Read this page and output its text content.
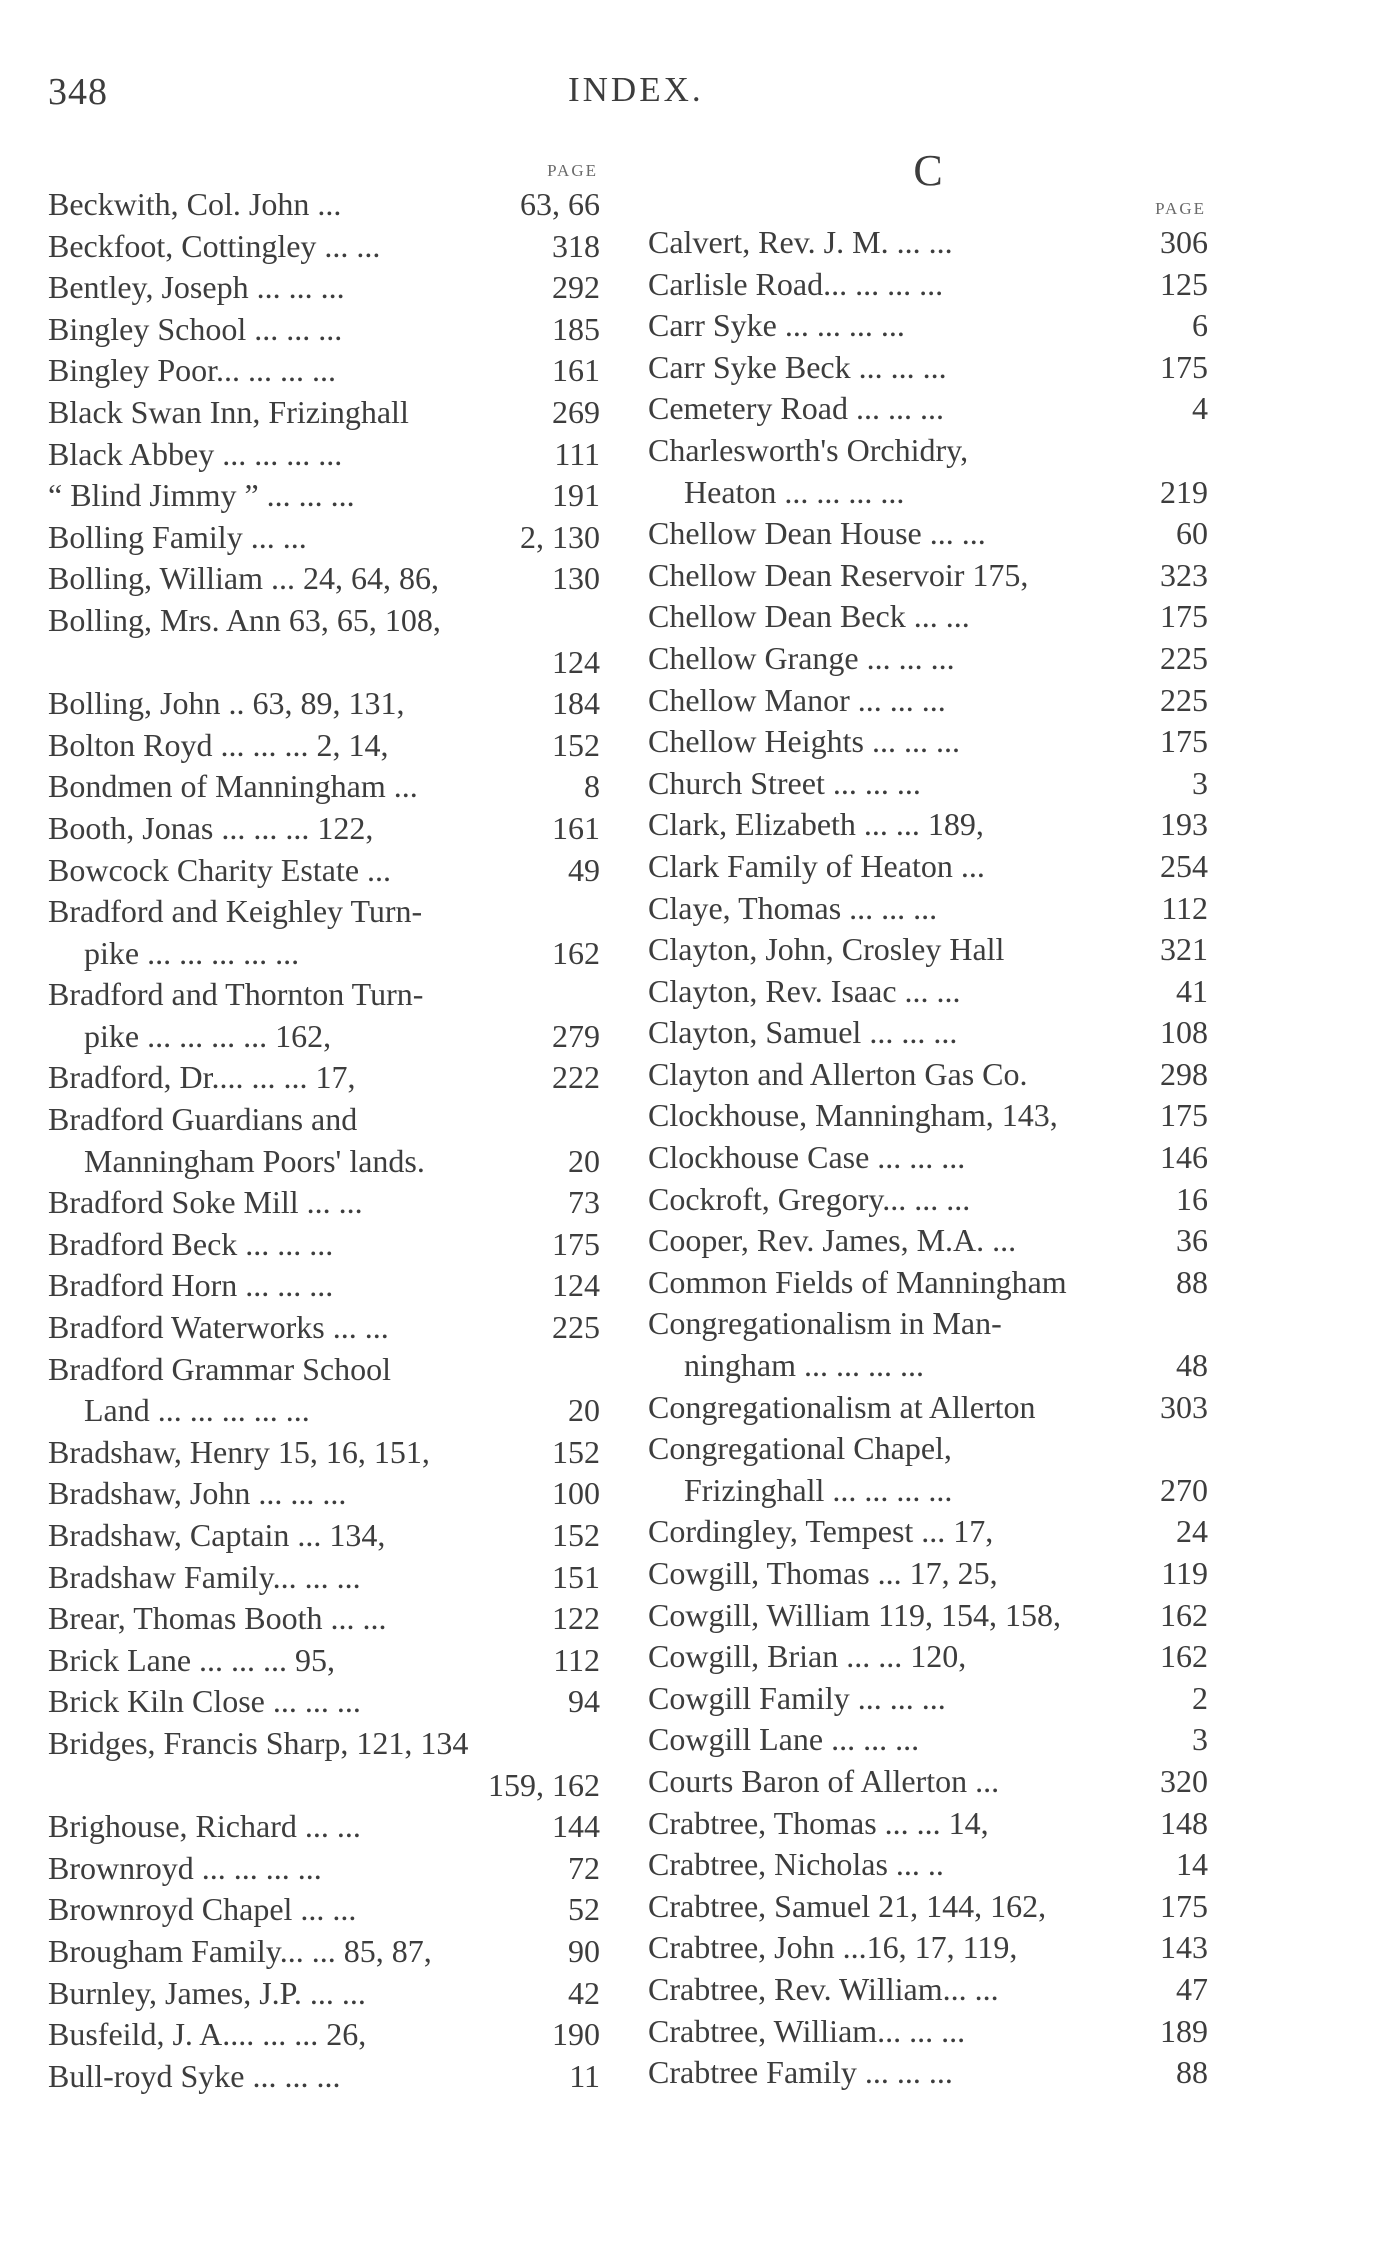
348	INDEX.
PAGE
Beckwith, Col. John ...	63, 66
Beckfoot, Cottingley ... ...	318
Bentley, Joseph ... ... ...	292
Bingley School ... ... ...	185
Bingley Poor... ... ... ...	161
Black Swan Inn, Frizinghall	269
Black Abbey ... ... ... ...	111
“ Blind Jimmy ” ... ... ...	191
Bolling Family ... ...	2, 130
Bolling, William ... 24, 64, 86,	130
Bolling, Mrs. Ann 63, 65, 108,
124
Bolling, John .. 63, 89, 131,	184
Bolton Royd ... ... ... 2, 14,	152
Bondmen of Manningham ...	8
Booth, Jonas ... ... ... 122,	161
Bowcock Charity Estate ...	49
Bradford and Keighley Turn-
pike ... ... ... ... ...	162
Bradford and Thornton Turn-
pike ... ... ... ... 162,	279
Bradford, Dr.... ... ... 17,	222
Bradford Guardians and
Manningham Poors' lands.	20
Bradford Soke Mill ... ...	73
Bradford Beck ... ... ...	175
Bradford Horn ... ... ...	124
Bradford Waterworks ... ...	225
Bradford Grammar School
Land ... ... ... ... ...	20
Bradshaw, Henry 15, 16, 151,	152
Bradshaw, John ... ... ...	100
Bradshaw, Captain ... 134,	152
Bradshaw Family... ... ...	151
Brear, Thomas Booth ... ...	122
Brick Lane ... ... ... 95,	112
Brick Kiln Close ... ... ...	94
Bridges, Francis Sharp, 121, 134
159, 162
Brighouse, Richard ... ...	144
Brownroyd ... ... ... ...	72
Brownroyd Chapel ... ...	52
Brougham Family... ... 85, 87,	90
Burnley, James, J.P. ... ...	42
Busfeild, J. A.... ... ... 26,	190
Bull-royd Syke ... ... ...	11
C
PAGE
Calvert, Rev. J. M. ... ...	306
Carlisle Road... ... ... ...	125
Carr Syke ... ... ... ...	6
Carr Syke Beck ... ... ...	175
Cemetery Road ... ... ...	4
Charlesworth's Orchidry,
Heaton ... ... ... ...	219
Chellow Dean House ... ...	60
Chellow Dean Reservoir 175,	323
Chellow Dean Beck ... ...	175
Chellow Grange ... ... ...	225
Chellow Manor ... ... ...	225
Chellow Heights ... ... ...	175
Church Street ... ... ...	3
Clark, Elizabeth ... ... 189,	193
Clark Family of Heaton ...	254
Claye, Thomas ... ... ...	112
Clayton, John, Crosley Hall	321
Clayton, Rev. Isaac ... ...	41
Clayton, Samuel ... ... ...	108
Clayton and Allerton Gas Co.	298
Clockhouse, Manningham, 143,	175
Clockhouse Case ... ... ...	146
Cockroft, Gregory... ... ...	16
Cooper, Rev. James, M.A. ...	36
Common Fields of Manningham	88
Congregationalism in Man-
ningham ... ... ... ...	48
Congregationalism at Allerton	303
Congregational Chapel,
Frizinghall ... ... ... ...	270
Cordingley, Tempest ... 17,	24
Cowgill, Thomas ... 17, 25,	119
Cowgill, William 119, 154, 158,	162
Cowgill, Brian ... ... 120,	162
Cowgill Family ... ... ...	2
Cowgill Lane ... ... ...	3
Courts Baron of Allerton ...	320
Crabtree, Thomas ... ... 14,	148
Crabtree, Nicholas ... ..	14
Crabtree, Samuel 21, 144, 162,	175
Crabtree, John ...16, 17, 119,	143
Crabtree, Rev. William... ...	47
Crabtree, William... ... ...	189
Crabtree Family ... ... ...	88
